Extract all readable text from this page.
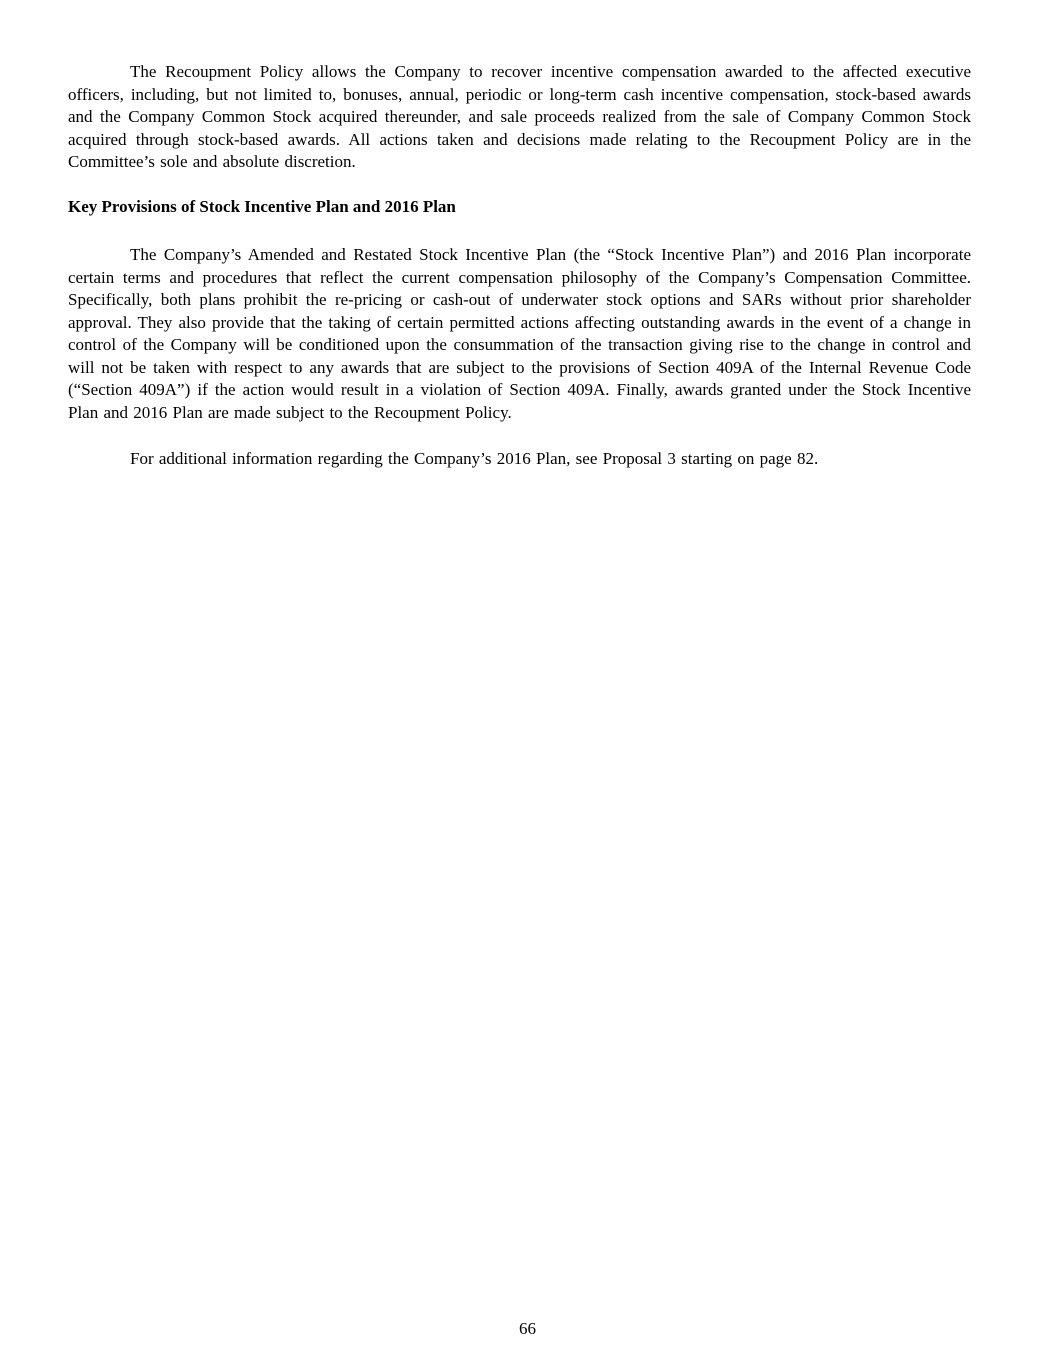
The Recoupment Policy allows the Company to recover incentive compensation awarded to the affected executive officers, including, but not limited to, bonuses, annual, periodic or long-term cash incentive compensation, stock-based awards and the Company Common Stock acquired thereunder, and sale proceeds realized from the sale of Company Common Stock acquired through stock-based awards. All actions taken and decisions made relating to the Recoupment Policy are in the Committee’s sole and absolute discretion.

Key Provisions of Stock Incentive Plan and 2016 Plan

The Company’s Amended and Restated Stock Incentive Plan (the “Stock Incentive Plan”) and 2016 Plan incorporate certain terms and procedures that reflect the current compensation philosophy of the Company’s Compensation Committee. Specifically, both plans prohibit the re-pricing or cash-out of underwater stock options and SARs without prior shareholder approval. They also provide that the taking of certain permitted actions affecting outstanding awards in the event of a change in control of the Company will be conditioned upon the consummation of the transaction giving rise to the change in control and will not be taken with respect to any awards that are subject to the provisions of Section 409A of the Internal Revenue Code (“Section 409A”) if the action would result in a violation of Section 409A. Finally, awards granted under the Stock Incentive Plan and 2016 Plan are made subject to the Recoupment Policy.

For additional information regarding the Company’s 2016 Plan, see Proposal 3 starting on page 82.

66
